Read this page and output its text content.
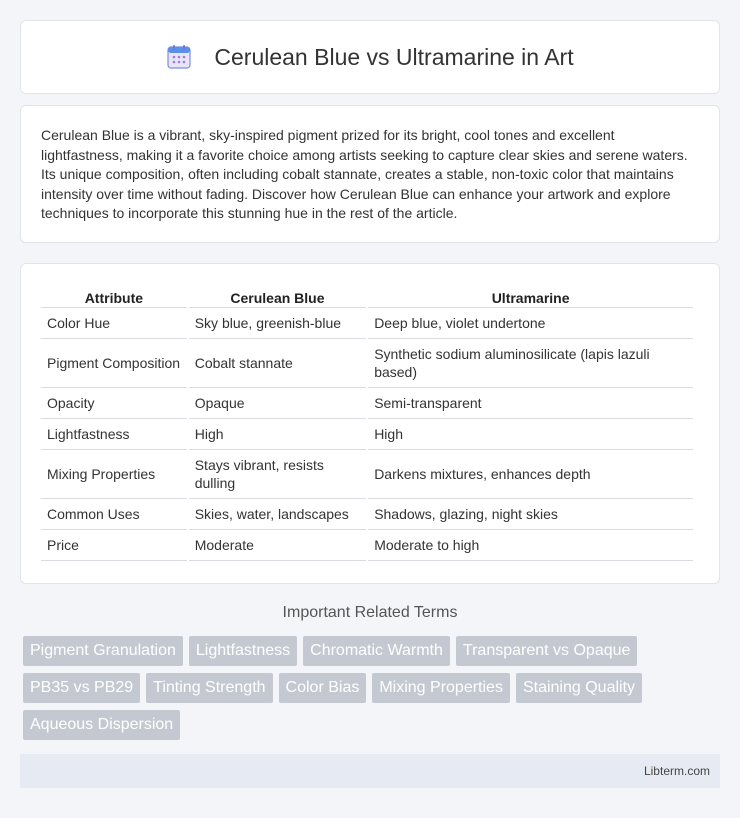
Cerulean Blue vs Ultramarine in Art

Cerulean Blue is a vibrant, sky-inspired pigment prized for its bright, cool tones and excellent lightfastness, making it a favorite choice among artists seeking to capture clear skies and serene waters. Its unique composition, often including cobalt stannate, creates a stable, non-toxic color that maintains intensity over time without fading. Discover how Cerulean Blue can enhance your artwork and explore techniques to incorporate this stunning hue in the rest of the article.

Attribute	Cerulean Blue	Ultramarine
Color Hue	Sky blue, greenish-blue	Deep blue, violet undertone
Pigment Composition	Cobalt stannate	Synthetic sodium aluminosilicate (lapis lazuli based)
Opacity	Opaque	Semi-transparent
Lightfastness	High	High
Mixing Properties	Stays vibrant, resists dulling	Darkens mixtures, enhances depth
Common Uses	Skies, water, landscapes	Shadows, glazing, night skies
Price	Moderate	Moderate to high
Important Related Terms
Pigment Granulation	Lightfastness	Chromatic Warmth	Transparent vs Opaque
PB35 vs PB29	Tinting Strength	Color Bias	Mixing Properties	Staining Quality
Aqueous Dispersion
Libterm.com
